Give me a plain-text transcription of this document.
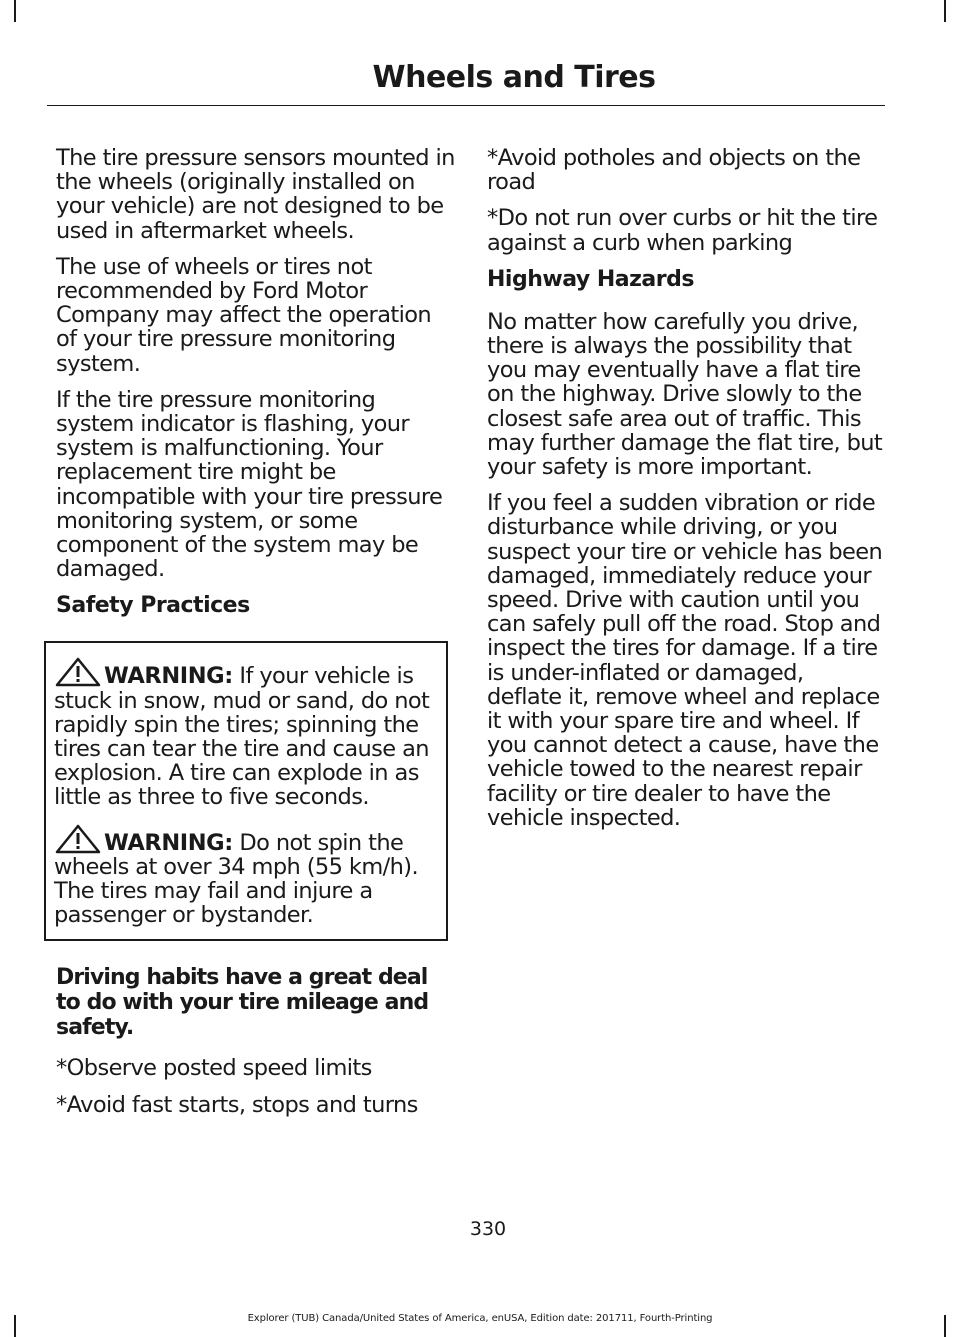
Wheels and Tires

The tire pressure sensors mounted in the wheels (originally installed on your vehicle) are not designed to be used in aftermarket wheels.

The use of wheels or tires not recommended by Ford Motor Company may affect the operation of your tire pressure monitoring system.

If the tire pressure monitoring system indicator is flashing, your system is malfunctioning. Your replacement tire might be incompatible with your tire pressure monitoring system, or some component of the system may be damaged.

Safety Practices

WARNING: If your vehicle is stuck in snow, mud or sand, do not rapidly spin the tires; spinning the tires can tear the tire and cause an explosion. A tire can explode in as little as three to five seconds.

WARNING: Do not spin the wheels at over 34 mph (55 km/h). The tires may fail and injure a passenger or bystander.

Driving habits have a great deal to do with your tire mileage and safety.

*Observe posted speed limits

*Avoid fast starts, stops and turns

*Avoid potholes and objects on the road

*Do not run over curbs or hit the tire against a curb when parking

Highway Hazards

No matter how carefully you drive, there is always the possibility that you may eventually have a flat tire on the highway. Drive slowly to the closest safe area out of traffic. This may further damage the flat tire, but your safety is more important.

If you feel a sudden vibration or ride disturbance while driving, or you suspect your tire or vehicle has been damaged, immediately reduce your speed. Drive with caution until you can safely pull off the road. Stop and inspect the tires for damage. If a tire is under-inflated or damaged, deflate it, remove wheel and replace it with your spare tire and wheel. If you cannot detect a cause, have the vehicle towed to the nearest repair facility or tire dealer to have the vehicle inspected.

330
Explorer (TUB) Canada/United States of America, enUSA, Edition date: 201711, Fourth-Printing
